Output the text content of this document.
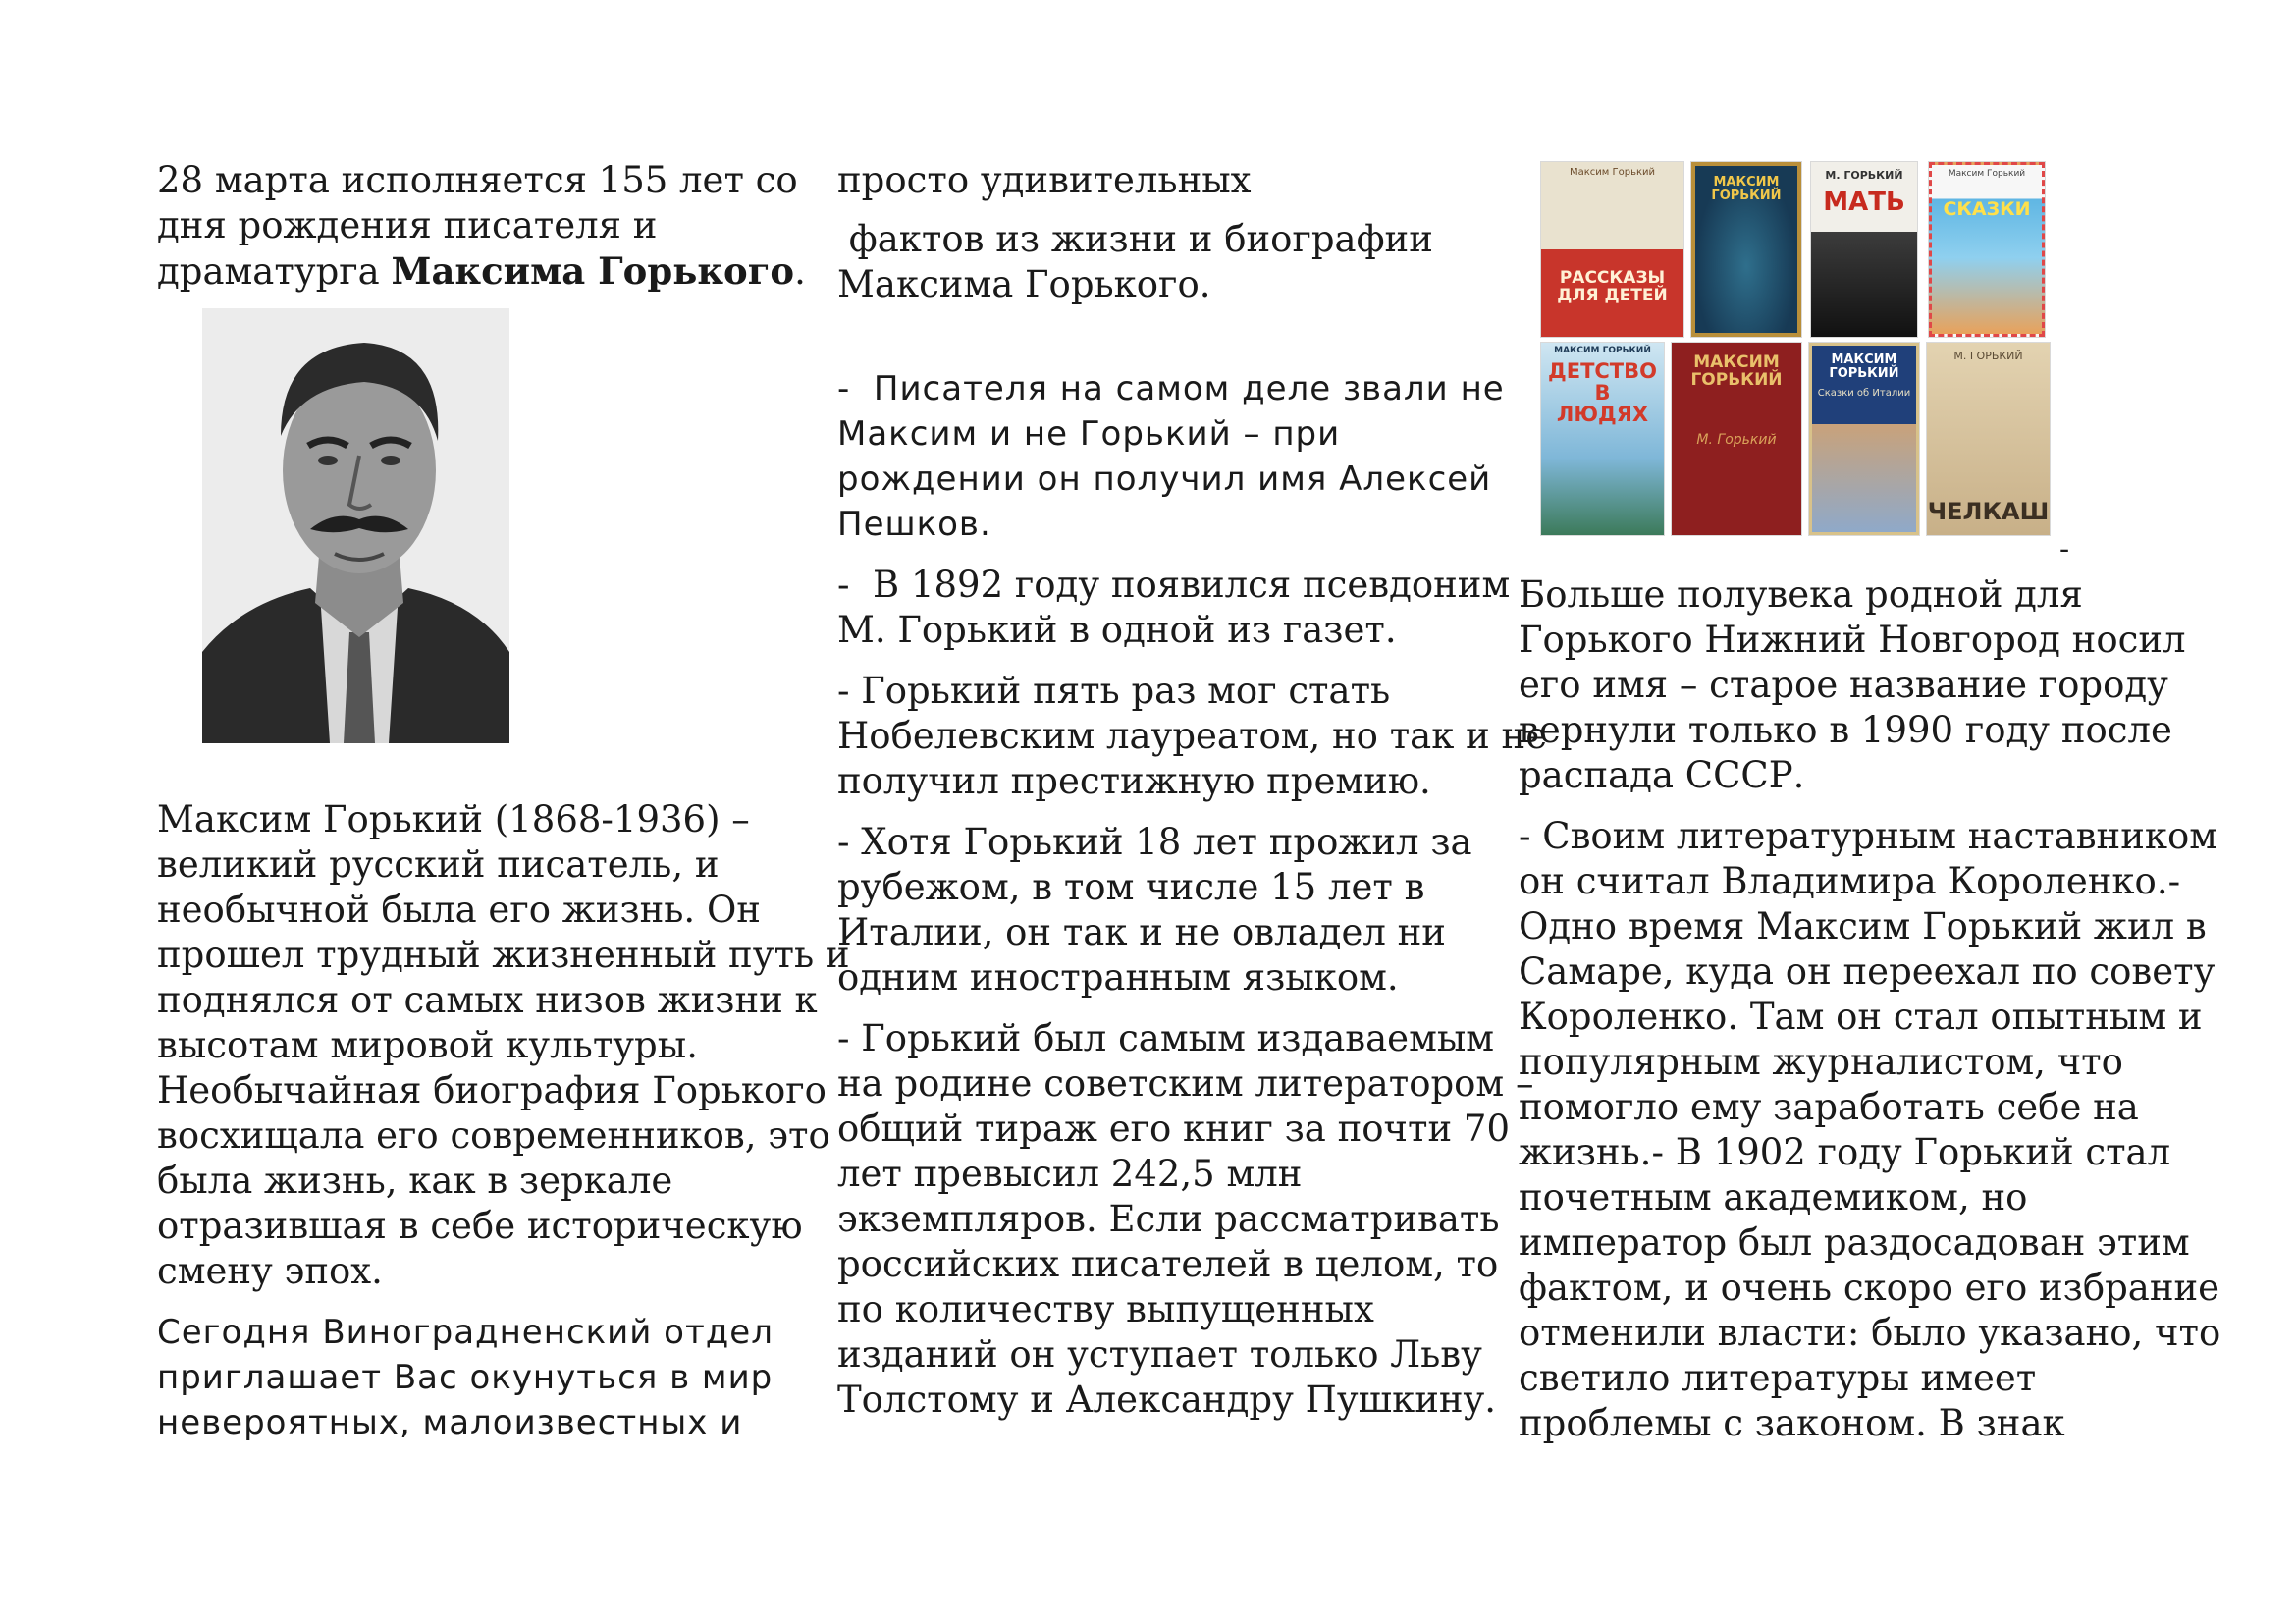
28 марта исполняется 155 лет со
дня рождения писателя и
драматурга Максима Горького.

Максим Горький (1868-1936) –
великий русский писатель, и
необычной была его жизнь. Он
прошел трудный жизненный путь и
поднялся от самых низов жизни к
высотам мировой культуры.
Необычайная биография Горького
восхищала его современников, это
была жизнь, как в зеркале
отразившая в себе историческую
смену эпох.

Сегодня Виноградненский отдел
приглашает Вас окунуться в мир
невероятных, малоизвестных и

просто удивительных

фактов из жизни и биографии
Максима Горького.

-  Писателя на самом деле звали не
Максим и не Горький – при
рождении он получил имя Алексей
Пешков.

-  В 1892 году появился псевдоним
М. Горький в одной из газет.

- Горький пять раз мог стать
Нобелевским лауреатом, но так и не
получил престижную премию.

- Хотя Горький 18 лет прожил за
рубежом, в том числе 15 лет в
Италии, он так и не овладел ни
одним иностранным языком.

- Горький был самым издаваемым
на родине советским литератором –
общий тираж его книг за почти 70
лет превысил 242,5 млн
экземпляров. Если рассматривать
российских писателей в целом, то
по количеству выпущенных
изданий он уступает только Льву
Толстому и Александру Пушкину.

Максим Горький
РАССКАЗЫ ДЛЯ ДЕТЕЙ
МАКСИМ ГОРЬКИЙ
М. ГОРЬКИЙ
МАТЬ
Максим Горький
СКАЗКИ
МАКСИМ ГОРЬКИЙ
ДЕТСТВО В ЛЮДЯХ
МАКСИМ ГОРЬКИЙ
М. Горький
МАКСИМ ГОРЬКИЙ
Сказки об Италии
М. ГОРЬКИЙ
ЧЕЛКАШ
-

Больше полувека родной для
Горького Нижний Новгород носил
его имя – старое название городу
вернули только в 1990 году после
распада СССР.

- Своим литературным наставником
он считал Владимира Короленко.-
Одно время Максим Горький жил в
Самаре, куда он переехал по совету
Короленко. Там он стал опытным и
популярным журналистом, что
помогло ему заработать себе на
жизнь.- В 1902 году Горький стал
почетным академиком, но
император был раздосадован этим
фактом, и очень скоро его избрание
отменили власти: было указано, что
светило литературы имеет
проблемы с законом. В знак
